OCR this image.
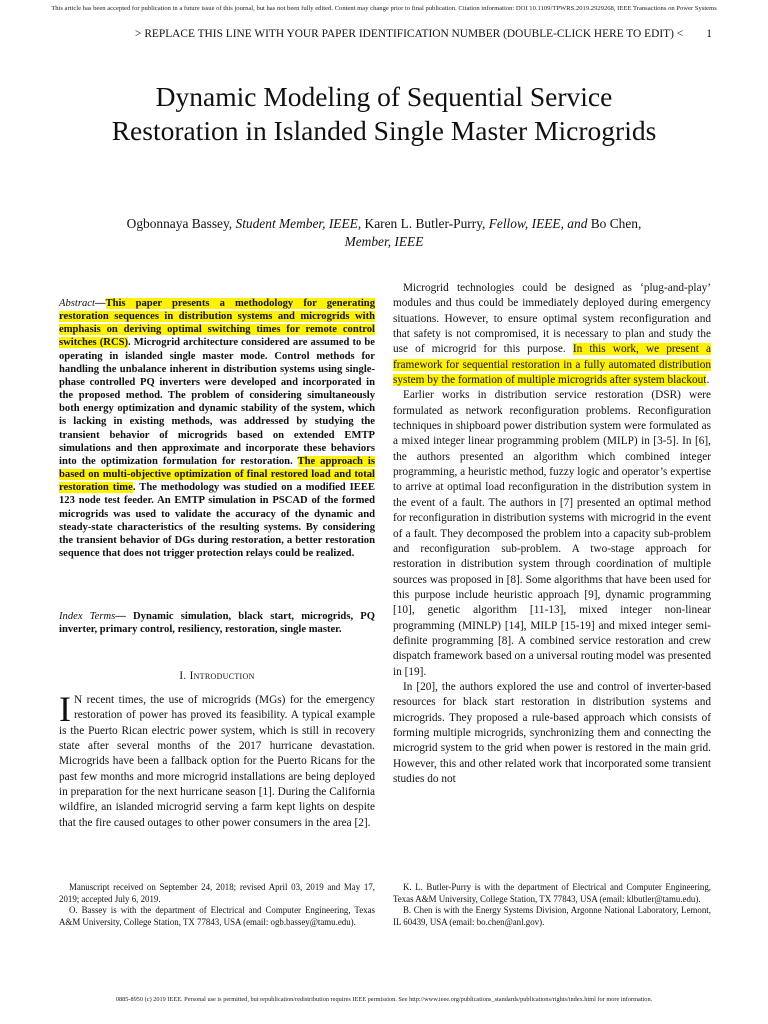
This article has been accepted for publication in a future issue of this journal, but has not been fully edited. Content may change prior to final publication. Citation information: DOI 10.1109/TPWRS.2019.2929268, IEEE Transactions on Power Systems
> REPLACE THIS LINE WITH YOUR PAPER IDENTIFICATION NUMBER (DOUBLE-CLICK HERE TO EDIT) < 1
Dynamic Modeling of Sequential Service Restoration in Islanded Single Master Microgrids
Ogbonnaya Bassey, Student Member, IEEE, Karen L. Butler-Purry, Fellow, IEEE, and Bo Chen, Member, IEEE
Abstract—This paper presents a methodology for generating restoration sequences in distribution systems and microgrids with emphasis on deriving optimal switching times for remote control switches (RCS). Microgrid architecture considered are assumed to be operating in islanded single master mode. Control methods for handling the unbalance inherent in distribution systems using single-phase controlled PQ inverters were developed and incorporated in the proposed method. The problem of considering simultaneously both energy optimization and dynamic stability of the system, which is lacking in existing methods, was addressed by studying the transient behavior of microgrids based on extended EMTP simulations and then approximate and incorporate these behaviors into the optimization formulation for restoration. The approach is based on multi-objective optimization of final restored load and total restoration time. The methodology was studied on a modified IEEE 123 node test feeder. An EMTP simulation in PSCAD of the formed microgrids was used to validate the accuracy of the dynamic and steady-state characteristics of the resulting systems. By considering the transient behavior of DGs during restoration, a better restoration sequence that does not trigger protection relays could be realized.
Index Terms— Dynamic simulation, black start, microgrids, PQ inverter, primary control, resiliency, restoration, single master.
I. Introduction
I N recent times, the use of microgrids (MGs) for the emergency restoration of power has proved its feasibility. A typical example is the Puerto Rican electric power system, which is still in recovery state after several months of the 2017 hurricane devastation. Microgrids have been a fallback option for the Puerto Ricans for the past few months and more microgrid installations are being deployed in preparation for the next hurricane season [1]. During the California wildfire, an islanded microgrid serving a farm kept lights on despite that the fire caused outages to other power consumers in the area [2].

Microgrid technologies could be designed as ‘plug-and-play’ modules and thus could be immediately deployed during emergency situations. However, to ensure optimal system reconfiguration and that safety is not compromised, it is necessary to plan and study the use of microgrid for this purpose. In this work, we present a framework for sequential restoration in a fully automated distribution system by the formation of multiple microgrids after system blackout.

Earlier works in distribution service restoration (DSR) were formulated as network reconfiguration problems. Reconfiguration techniques in shipboard power distribution system were formulated as a mixed integer linear programming problem (MILP) in [3-5]. In [6], the authors presented an algorithm which combined integer programming, a heuristic method, fuzzy logic and operator’s expertise to arrive at optimal load reconfiguration in the distribution system in the event of a fault. The authors in [7] presented an optimal method for reconfiguration in distribution systems with microgrid in the event of a fault. They decomposed the problem into a capacity sub-problem and reconfiguration sub-problem. A two-stage approach for restoration in distribution system through coordination of multiple sources was proposed in [8]. Some algorithms that have been used for this purpose include heuristic approach [9], dynamic programming [10], genetic algorithm [11-13], mixed integer non-linear programming (MINLP) [14], MILP [15-19] and mixed integer semi-definite programming [8]. A combined service restoration and crew dispatch framework based on a universal routing model was presented in [19].

In [20], the authors explored the use and control of inverter-based resources for black start restoration in distribution systems and microgrids. They proposed a rule-based approach which consists of forming multiple microgrids, synchronizing them and connecting the microgrid system to the grid when power is restored in the main grid. However, this and other related work that incorporated some transient studies do not

Manuscript received on September 24, 2018; revised April 03, 2019 and May 17, 2019; accepted July 6, 2019.

O. Bassey is with the department of Electrical and Computer Engineering, Texas A&M University, College Station, TX 77843, USA (email: ogb.bassey@tamu.edu).

K. L. Butler-Purry is with the department of Electrical and Computer Engineering, Texas A&M University, College Station, TX 77843, USA (email: klbutler@tamu.edu).

B. Chen is with the Energy Systems Division, Argonne National Laboratory, Lemont, IL 60439, USA (email: bo.chen@anl.gov).

0885-8950 (c) 2019 IEEE. Personal use is permitted, but republication/redistribution requires IEEE permission. See http://www.ieee.org/publications_standards/publications/rights/index.html for more information.
